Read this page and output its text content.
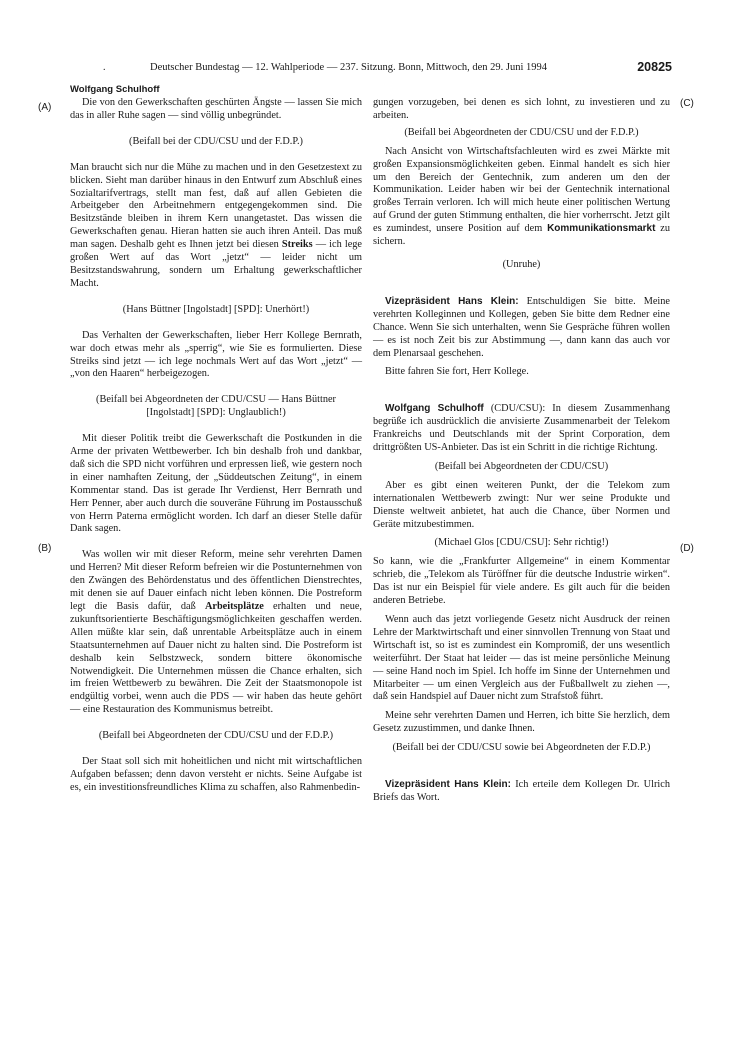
.	Deutscher Bundestag — 12. Wahlperiode — 237. Sitzung. Bonn, Mittwoch, den 29. Juni 1994	20825
Wolfgang Schulhoff
(A)
(B)
(C)
(D)

Die von den Gewerkschaften geschürten Ängste — lassen Sie mich das in aller Ruhe sagen — sind völlig unbegründet.

(Beifall bei der CDU/CSU und der F.D.P.)

Man braucht sich nur die Mühe zu machen und in den Gesetzestext zu blicken. Sieht man darüber hinaus in den Entwurf zum Abschluß eines Sozialtarifvertrags, stellt man fest, daß auf allen Gebieten die Arbeitgeber den Arbeitnehmern entgegengekommen sind. Die Besitzstände bleiben in ihrem Kern unangetastet. Das wissen die Gewerkschaften genau. Hieran hatten sie auch ihren Anteil. Das muß man sagen. Deshalb geht es Ihnen jetzt bei diesen Streiks — ich lege großen Wert auf das Wort „jetzt“ — leider nicht um Besitzstandswahrung, sondern um Erhaltung gewerkschaftlicher Macht.

(Hans Büttner [Ingolstadt] [SPD]: Unerhört!)

Das Verhalten der Gewerkschaften, lieber Herr Kollege Bernrath, war doch etwas mehr als „sperrig“, wie Sie es formulierten. Diese Streiks sind jetzt — ich lege nochmals Wert auf das Wort „jetzt“ — „von den Haaren“ herbeigezogen.

(Beifall bei Abgeordneten der CDU/CSU — Hans Büttner [Ingolstadt] [SPD]: Unglaublich!)

Mit dieser Politik treibt die Gewerkschaft die Postkunden in die Arme der privaten Wettbewerber. Ich bin deshalb froh und dankbar, daß sich die SPD nicht vorführen und erpressen ließ, wie gestern noch in einer namhaften Zeitung, der „Süddeutschen Zeitung“, in einem Kommentar stand. Das ist gerade Ihr Verdienst, Herr Bernrath und Herr Penner, aber auch durch die souveräne Führung im Postausschuß von Herrn Paterna ermöglicht worden. Ich darf an dieser Stelle dafür Dank sagen.

Was wollen wir mit dieser Reform, meine sehr verehrten Damen und Herren? Mit dieser Reform befreien wir die Postunternehmen von den Zwängen des Behördenstatus und des öffentlichen Dienstrechtes, mit denen sie auf Dauer einfach nicht leben können. Die Postreform legt die Basis dafür, daß Arbeitsplätze erhalten und neue, zukunftsorientierte Beschäftigungsmöglichkeiten geschaffen werden. Allen müßte klar sein, daß unrentable Arbeitsplätze auch in einem Staatsunternehmen auf Dauer nicht zu halten sind. Die Postreform ist deshalb kein Selbstzweck, sondern bittere ökonomische Notwendigkeit. Die Unternehmen müssen die Chance erhalten, sich im freien Wettbewerb zu bewähren. Die Zeit der Staatsmonopole ist endgültig vorbei, wenn auch die PDS — wir haben das heute gehört — eine Restauration des Kommunismus betreibt.

(Beifall bei Abgeordneten der CDU/CSU und der F.D.P.)

Der Staat soll sich mit hoheitlichen und nicht mit wirtschaftlichen Aufgaben befassen; denn davon versteht er nichts. Seine Aufgabe ist es, ein investitionsfreundliches Klima zu schaffen, also Rahmenbedin-

gungen vorzugeben, bei denen es sich lohnt, zu investieren und zu arbeiten.

(Beifall bei Abgeordneten der CDU/CSU und der F.D.P.)

Nach Ansicht von Wirtschaftsfachleuten wird es zwei Märkte mit großen Expansionsmöglichkeiten geben. Einmal handelt es sich hier um den Bereich der Gentechnik, zum anderen um den der Kommunikation. Leider haben wir bei der Gentechnik international großes Terrain verloren. Ich will mich heute einer politischen Wertung auf Grund der guten Stimmung enthalten, die hier vorherrscht. Jetzt gilt es zumindest, unsere Position auf dem Kommunikationsmarkt zu sichern.

(Unruhe)

Vizepräsident Hans Klein: Entschuldigen Sie bitte. Meine verehrten Kolleginnen und Kollegen, geben Sie bitte dem Redner eine Chance. Wenn Sie sich unterhalten, wenn Sie Gespräche führen wollen — es ist noch Zeit bis zur Abstimmung —, dann kann das auch vor dem Plenarsaal geschehen.

Bitte fahren Sie fort, Herr Kollege.

Wolfgang Schulhoff (CDU/CSU): In diesem Zusammenhang begrüße ich ausdrücklich die anvisierte Zusammenarbeit der Telekom Frankreichs und Deutschlands mit der Sprint Corporation, dem drittgrößten US-Anbieter. Das ist ein Schritt in die richtige Richtung.

(Beifall bei Abgeordneten der CDU/CSU)

Aber es gibt einen weiteren Punkt, der die Telekom zum internationalen Wettbewerb zwingt: Nur wer seine Produkte und Dienste weltweit anbietet, hat auch die Chance, über Normen und Geräte mitzubestimmen.

(Michael Glos [CDU/CSU]: Sehr richtig!)

So kann, wie die „Frankfurter Allgemeine“ in einem Kommentar schrieb, die „Telekom als Türöffner für die deutsche Industrie wirken“. Das ist nur ein Beispiel für viele andere. Es gilt auch für die beiden anderen Betriebe.

Wenn auch das jetzt vorliegende Gesetz nicht Ausdruck der reinen Lehre der Marktwirtschaft und einer sinnvollen Trennung von Staat und Wirtschaft ist, so ist es zumindest ein Kompromiß, der uns wesentlich weiterführt. Der Staat hat leider — das ist meine persönliche Meinung — seine Hand noch im Spiel. Ich hoffe im Sinne der Unternehmen und Mitarbeiter — um einen Vergleich aus der Fußballwelt zu ziehen —, daß sein Handspiel auf Dauer nicht zum Strafstoß führt.

Meine sehr verehrten Damen und Herren, ich bitte Sie herzlich, dem Gesetz zuzustimmen, und danke Ihnen.

(Beifall bei der CDU/CSU sowie bei Abgeordneten der F.D.P.)

Vizepräsident Hans Klein: Ich erteile dem Kollegen Dr. Ulrich Briefs das Wort.
